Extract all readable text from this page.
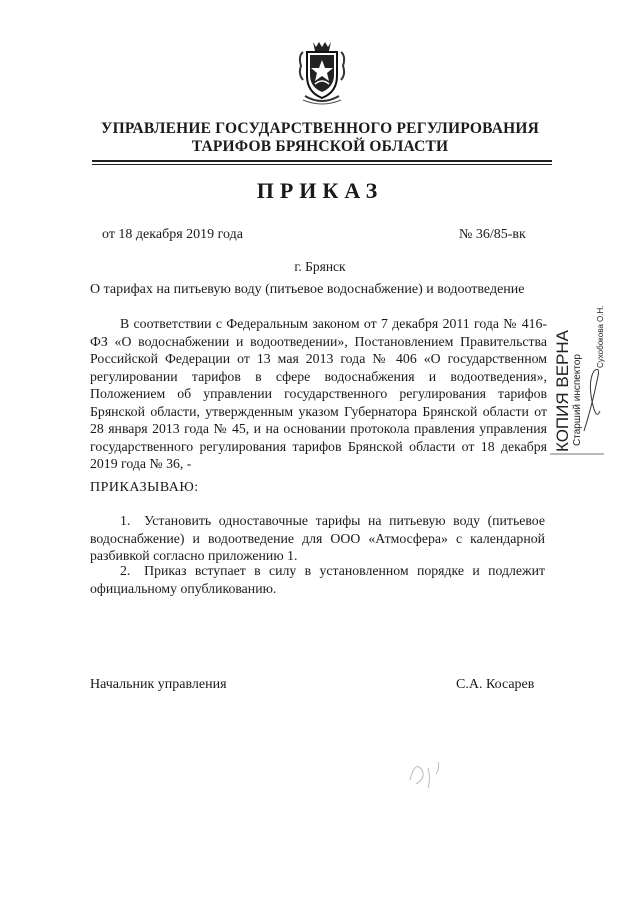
УПРАВЛЕНИЕ ГОСУДАРСТВЕННОГО РЕГУЛИРОВАНИЯ
ТАРИФОВ БРЯНСКОЙ ОБЛАСТИ
ПРИКАЗ
от 18 декабря 2019 года	№ 36/85-вк
г. Брянск
О тарифах на питьевую воду (питьевое водоснабжение) и водоотведение
В соответствии с Федеральным законом от 7 декабря 2011 года № 416-ФЗ «О водоснабжении и водоотведении», Постановлением Правительства Российской Федерации от 13 мая 2013 года № 406 «О государственном регулировании тарифов в сфере водоснабжения и водоотведения», Положением об управлении государственного регулирования тарифов Брянской области, утвержденным указом Губернатора Брянской области от 28 января 2013 года № 45, и на основании протокола правления управления государственного регулирования тарифов Брянской области от 18 декабря 2019 года № 36, -
ПРИКАЗЫВАЮ:
1. Установить одноставочные тарифы на питьевую воду (питьевое водоснабжение) и водоотведение для ООО «Атмосфера» с календарной разбивкой согласно приложению 1.
2. Приказ вступает в силу в установленном порядке и подлежит официальному опубликованию.
Начальник управления	С.А. Косарев
КОПИЯ ВЕРНА Старший инспектор
Сухобокова О.Н.
